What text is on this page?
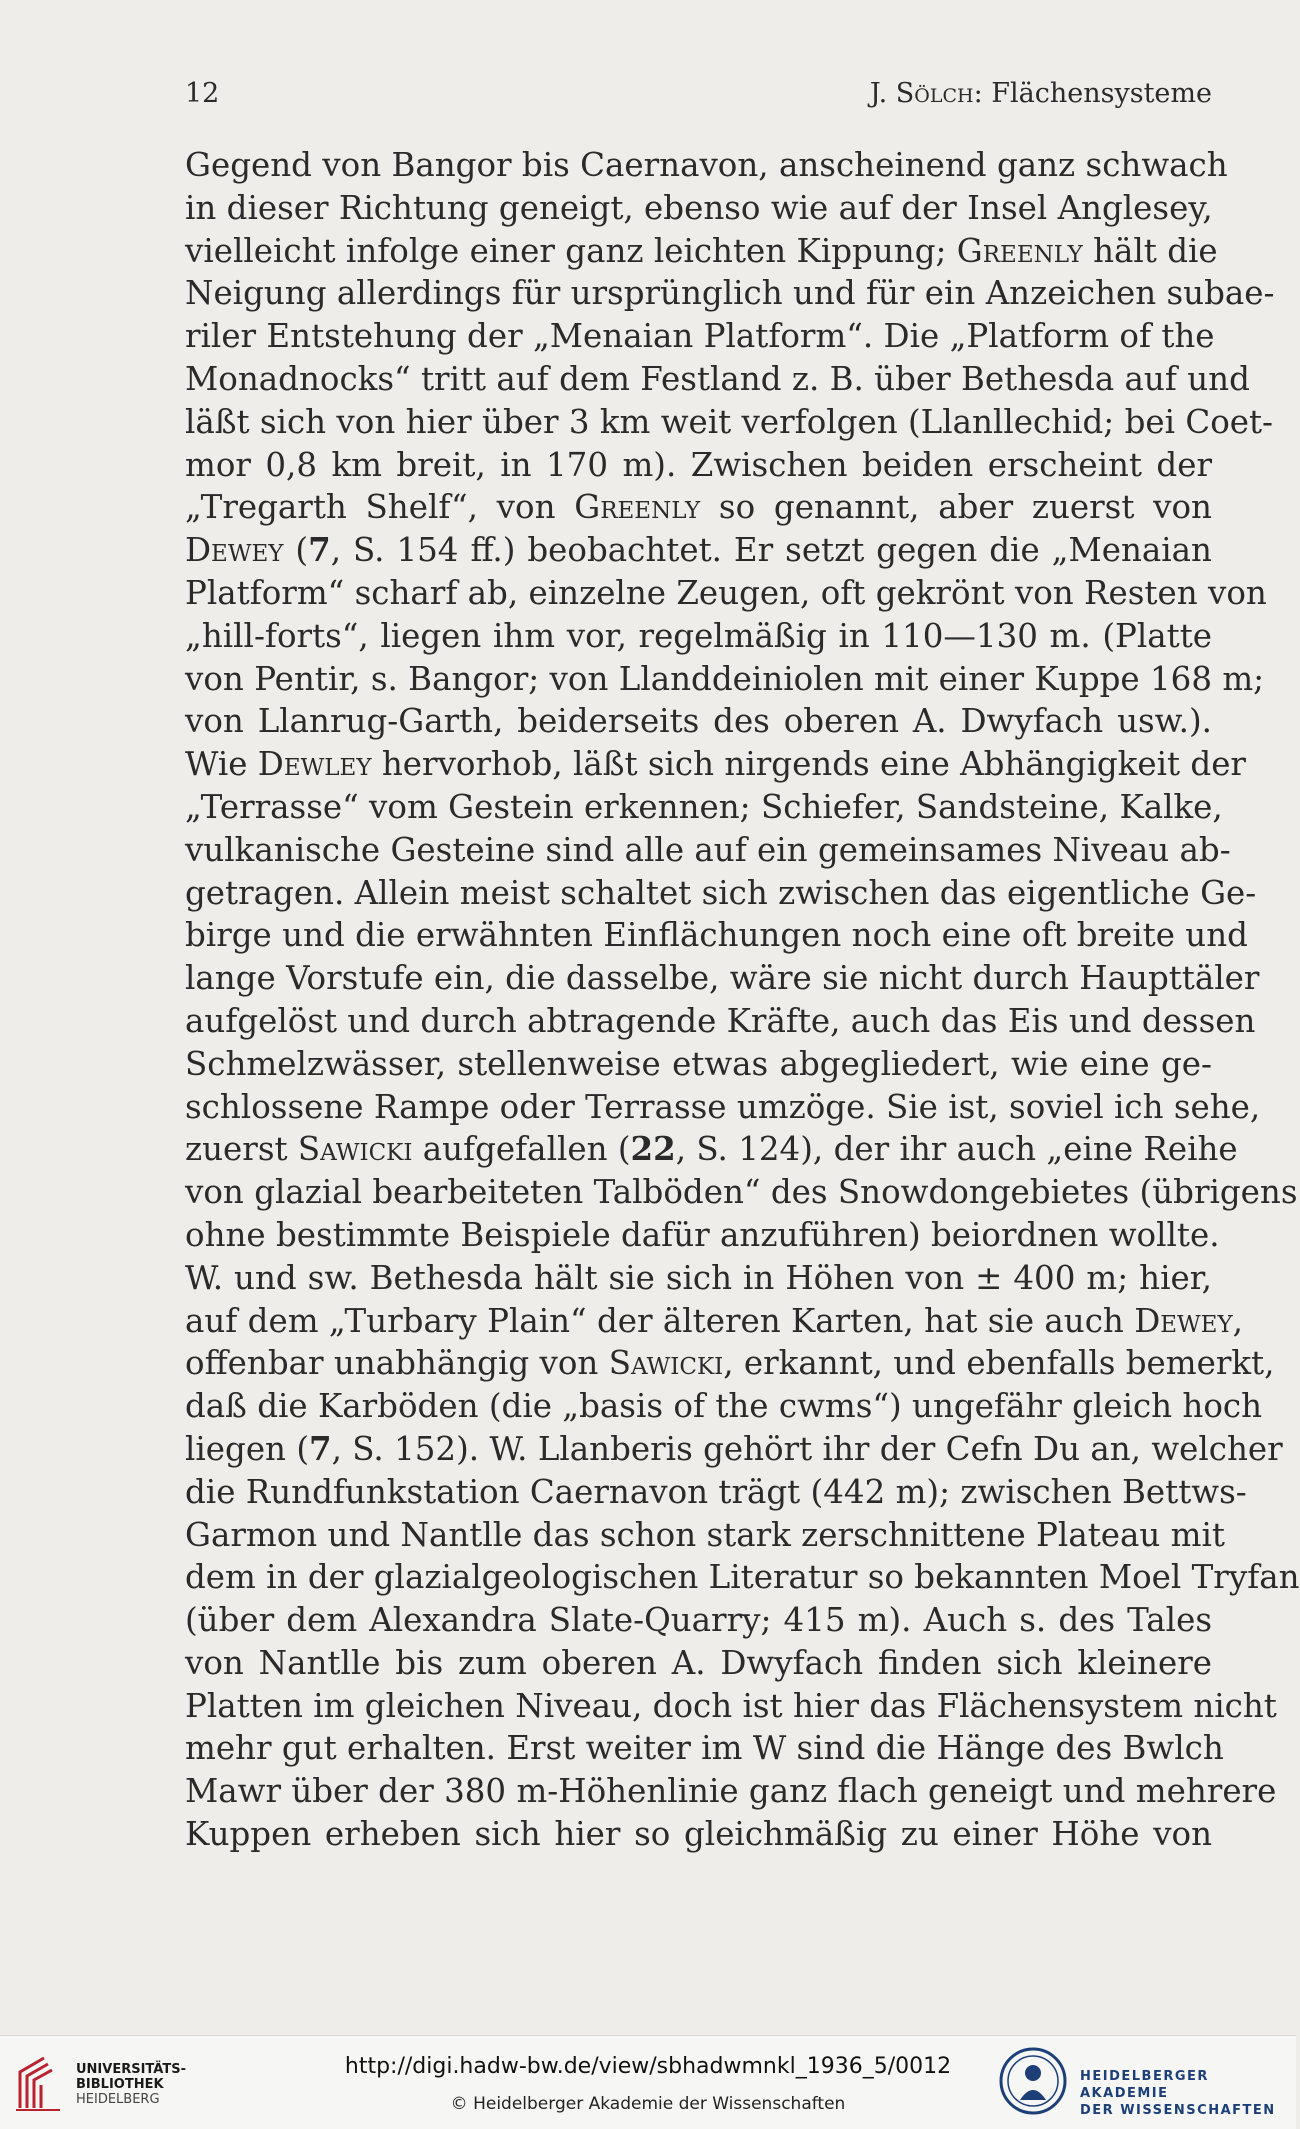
12	J. Sölch: Flächensysteme
Gegend von Bangor bis Caernavon, anscheinend ganz schwach
in dieser Richtung geneigt, ebenso wie auf der Insel Anglesey,
vielleicht infolge einer ganz leichten Kippung; Greenly hält die
Neigung allerdings für ursprünglich und für ein Anzeichen subae-
riler Entstehung der „Menaian Platform“. Die „Platform of the
Monadnocks“ tritt auf dem Festland z. B. über Bethesda auf und
läßt sich von hier über 3 km weit verfolgen (Llanllechid; bei Coet-
mor 0,8 km breit, in 170 m). Zwischen beiden erscheint der
„Tregarth Shelf“, von Greenly so genannt, aber zuerst von
Dewey (7, S. 154 ff.) beobachtet. Er setzt gegen die „Menaian
Platform“ scharf ab, einzelne Zeugen, oft gekrönt von Resten von
„hill-forts“, liegen ihm vor, regelmäßig in 110—130 m. (Platte
von Pentir, s. Bangor; von Llanddeiniolen mit einer Kuppe 168 m;
von Llanrug-Garth, beiderseits des oberen A. Dwyfach usw.).
Wie Dewley hervorhob, läßt sich nirgends eine Abhängigkeit der
„Terrasse“ vom Gestein erkennen; Schiefer, Sandsteine, Kalke,
vulkanische Gesteine sind alle auf ein gemeinsames Niveau ab-
getragen. Allein meist schaltet sich zwischen das eigentliche Ge-
birge und die erwähnten Einflächungen noch eine oft breite und
lange Vorstufe ein, die dasselbe, wäre sie nicht durch Haupttäler
aufgelöst und durch abtragende Kräfte, auch das Eis und dessen
Schmelzwässer, stellenweise etwas abgegliedert, wie eine ge-
schlossene Rampe oder Terrasse umzöge. Sie ist, soviel ich sehe,
zuerst Sawicki aufgefallen (22, S. 124), der ihr auch „eine Reihe
von glazial bearbeiteten Talböden“ des Snowdongebietes (übrigens
ohne bestimmte Beispiele dafür anzuführen) beiordnen wollte.
W. und sw. Bethesda hält sie sich in Höhen von ± 400 m; hier,
auf dem „Turbary Plain“ der älteren Karten, hat sie auch Dewey,
offenbar unabhängig von Sawicki, erkannt, und ebenfalls bemerkt,
daß die Karböden (die „basis of the cwms“) ungefähr gleich hoch
liegen (7, S. 152). W. Llanberis gehört ihr der Cefn Du an, welcher
die Rundfunkstation Caernavon trägt (442 m); zwischen Bettws-
Garmon und Nantlle das schon stark zerschnittene Plateau mit
dem in der glazialgeologischen Literatur so bekannten Moel Tryfan
(über dem Alexandra Slate-Quarry; 415 m). Auch s. des Tales
von Nantlle bis zum oberen A. Dwyfach finden sich kleinere
Platten im gleichen Niveau, doch ist hier das Flächensystem nicht
mehr gut erhalten. Erst weiter im W sind die Hänge des Bwlch
Mawr über der 380 m-Höhenlinie ganz flach geneigt und mehrere
Kuppen erheben sich hier so gleichmäßig zu einer Höhe von
UNIVERSITÄTS-
BIBLIOTHEK
HEIDELBERG
http://digi.hadw-bw.de/view/sbhadwmnkl_1936_5/0012
© Heidelberger Akademie der Wissenschaften
HEIDELBERGER AKADEMIE
DER WISSENSCHAFTEN
